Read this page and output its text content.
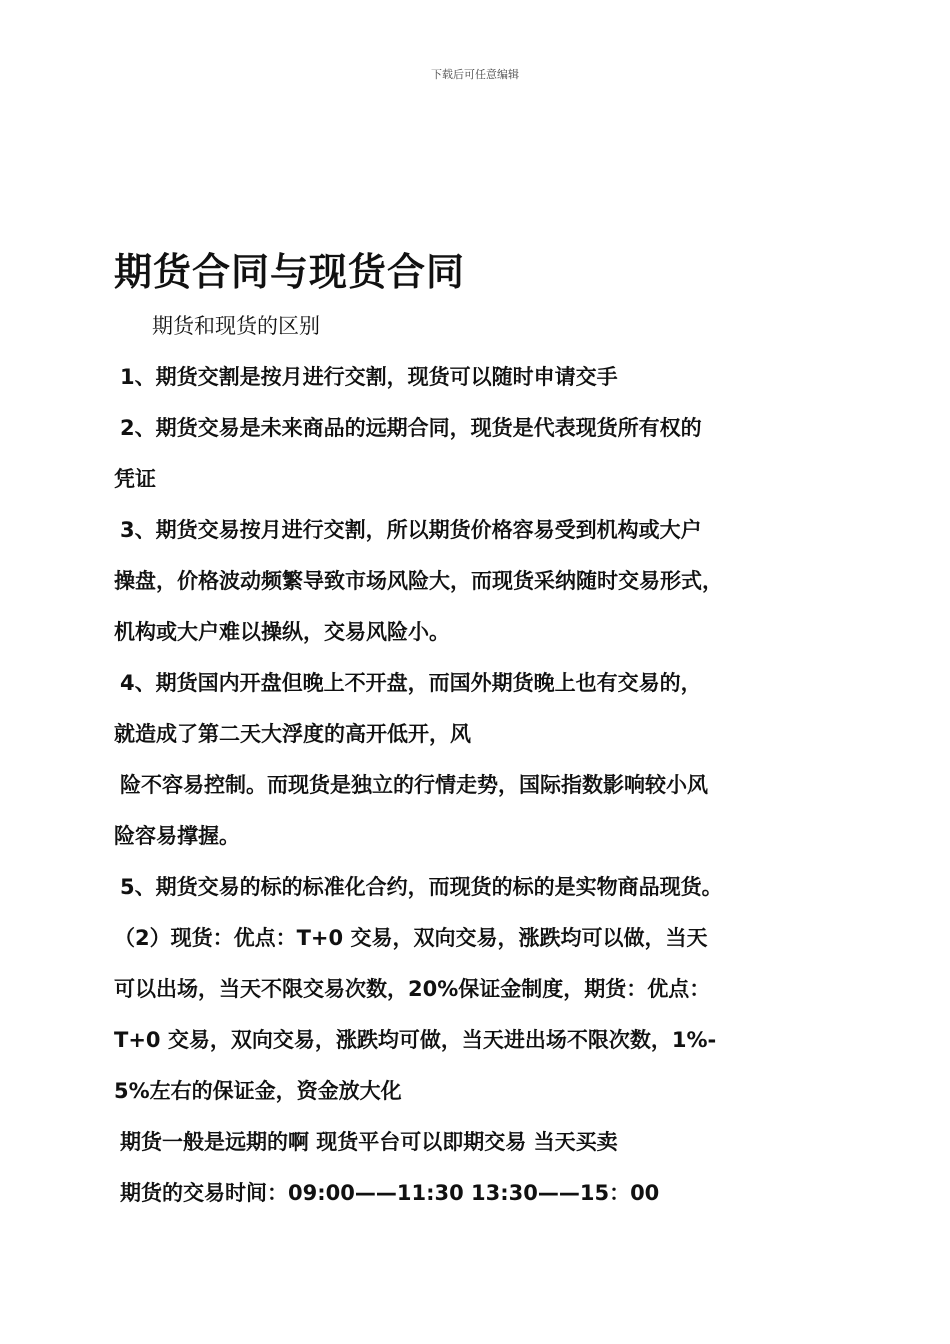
下载后可任意编辑
期货合同与现货合同
期货和现货的区别

1、期货交割是按月进行交割，现货可以随时申请交手

2、期货交易是未来商品的远期合同，现货是代表现货所有权的

凭证

3、期货交易按月进行交割，所以期货价格容易受到机构或大户

操盘，价格波动频繁导致市场风险大，而现货采纳随时交易形式，

机构或大户难以操纵，交易风险小。

4、期货国内开盘但晚上不开盘，而国外期货晚上也有交易的，

就造成了第二天大浮度的高开低开，风

险不容易控制。而现货是独立的行情走势，国际指数影响较小风

险容易撑握。

5、期货交易的标的标准化合约，而现货的标的是实物商品现货。

（2）现货：优点：T+0 交易，双向交易，涨跌均可以做，当天

可以出场，当天不限交易次数，20%保证金制度，期货：优点：

T+0 交易，双向交易，涨跌均可做，当天进出场不限次数，1%-

5%左右的保证金，资金放大化

期货一般是远期的啊 现货平台可以即期交易 当天买卖

期货的交易时间：09:00——11:30 13:30——15：00
